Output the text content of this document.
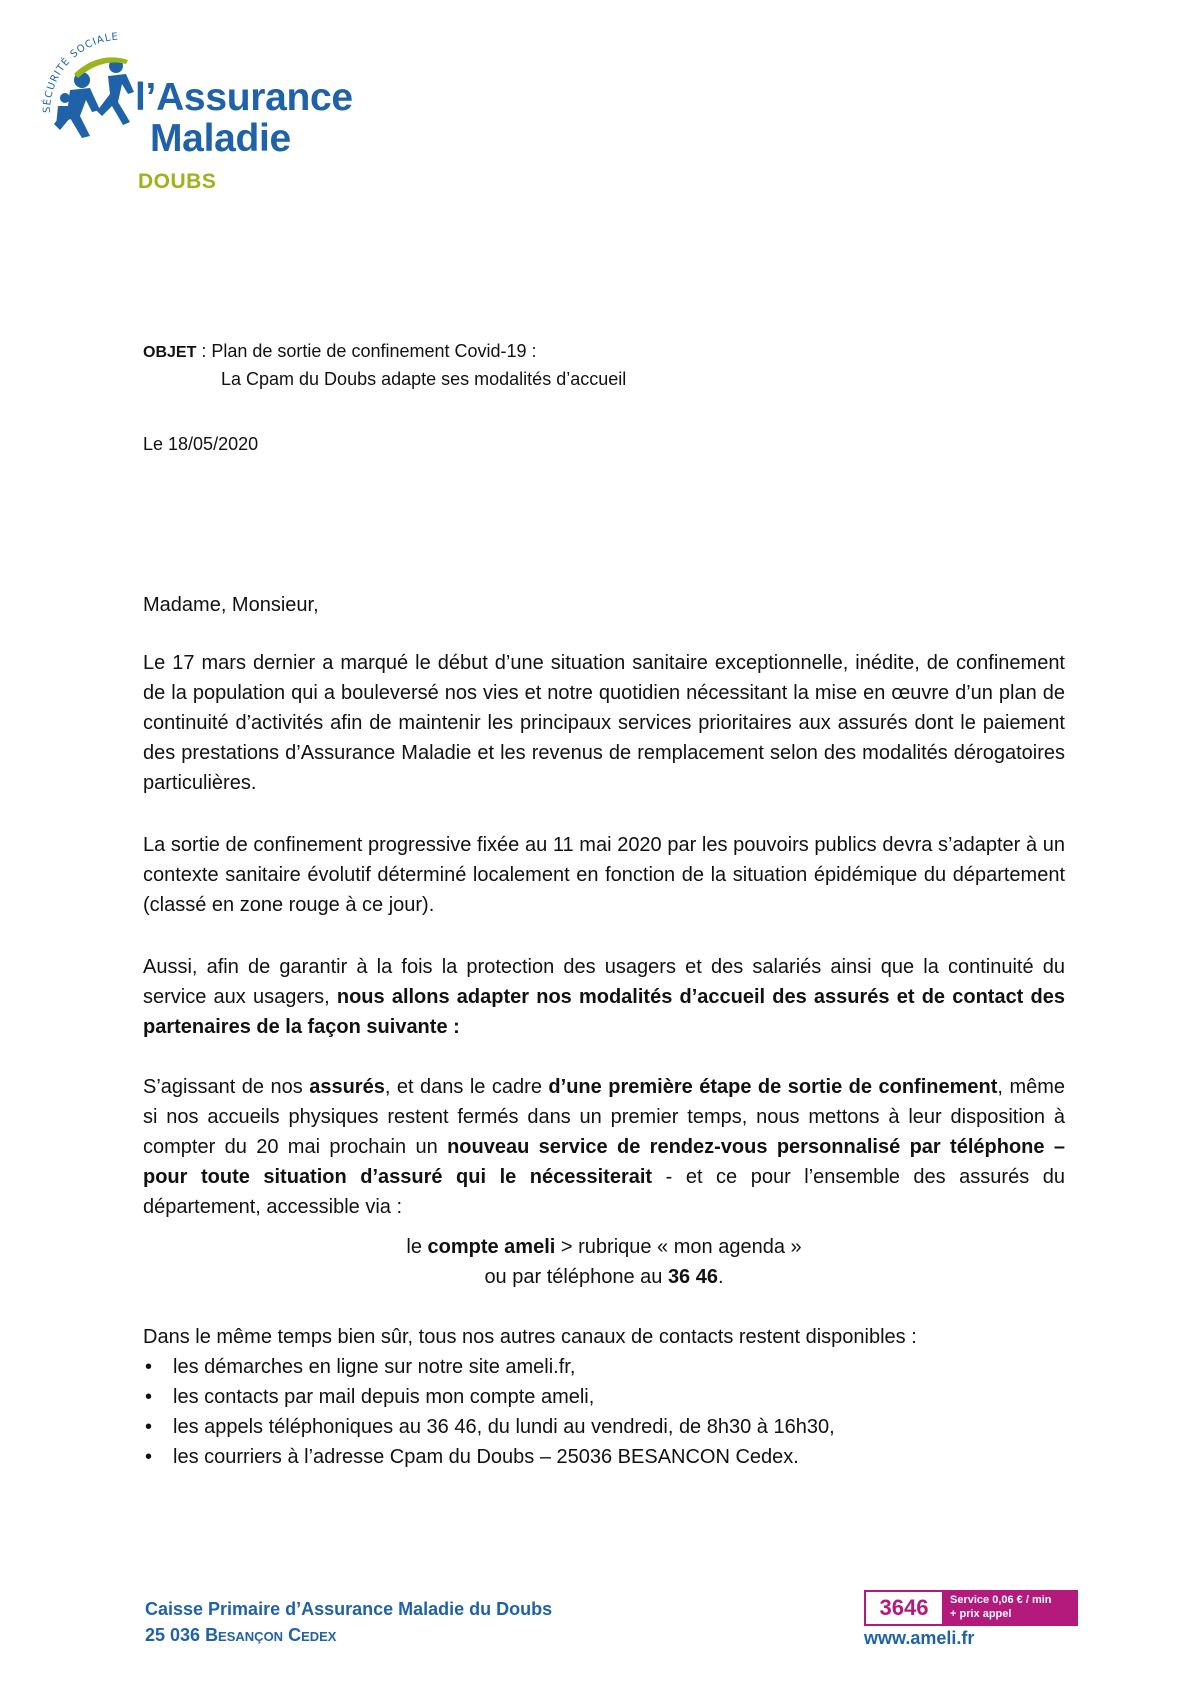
SÉCURITÉ SOCIALE
l’Assurance
Maladie
DOUBS
OBJET : Plan de sortie de confinement Covid-19 :
La Cpam du Doubs adapte ses modalités d’accueil
Le 18/05/2020
Madame, Monsieur,

Le 17 mars dernier a marqué le début d’une situation sanitaire exceptionnelle, inédite, de confinement de la population qui a bouleversé nos vies et notre quotidien nécessitant la mise en œuvre d’un plan de continuité d’activités afin de maintenir les principaux services prioritaires aux assurés dont le paiement des prestations d’Assurance Maladie et les revenus de remplacement selon des modalités dérogatoires particulières.

La sortie de confinement progressive fixée au 11 mai 2020 par les pouvoirs publics devra s’adapter à un contexte sanitaire évolutif déterminé localement en fonction de la situation épidémique du département (classé en zone rouge à ce jour).

Aussi, afin de garantir à la fois la protection des usagers et des salariés ainsi que la continuité du service aux usagers, nous allons adapter nos modalités d’accueil des assurés et de contact des partenaires de la façon suivante :

S’agissant de nos assurés, et dans le cadre d’une première étape de sortie de confinement, même si nos accueils physiques restent fermés dans un premier temps, nous mettons à leur disposition à compter du 20 mai prochain un nouveau service de rendez-vous personnalisé par téléphone – pour toute situation d’assuré qui le nécessiterait - et ce pour l’ensemble des assurés du département, accessible via :

le compte ameli > rubrique « mon agenda »
ou par téléphone au 36 46.

Dans le même temps bien sûr, tous nos autres canaux de contacts restent disponibles :

• les démarches en ligne sur notre site ameli.fr,
• les contacts par mail depuis mon compte ameli,
• les appels téléphoniques au 36 46, du lundi au vendredi, de 8h30 à 16h30,
• les courriers à l’adresse Cpam du Doubs – 25036 BESANCON Cedex.
Caisse Primaire d’Assurance Maladie du Doubs
25 036 Besançon Cedex
3646	Service 0,06 € / min
+ prix appel
www.ameli.fr
